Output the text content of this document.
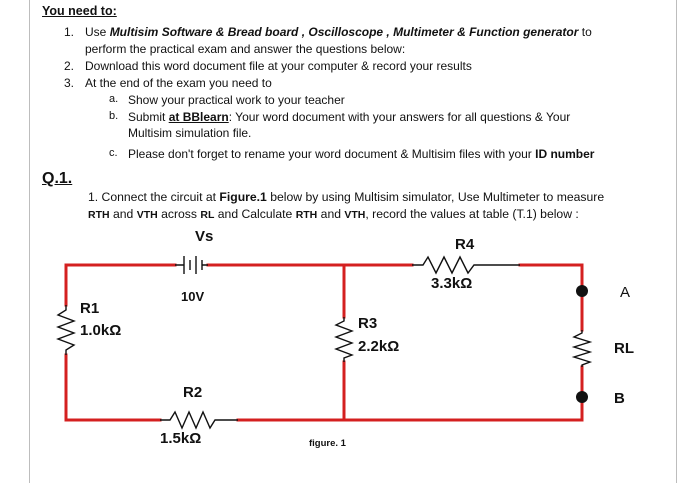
You need to:
1. Use Multisim Software & Bread board , Oscilloscope , Multimeter & Function generator to
perform the practical exam and answer the questions below:
2. Download this word document file at your computer & record your results
3. At the end of the exam you need to
a. Show your practical work to your teacher
b. Submit at BBlearn: Your word document with your answers for all questions & Your
Multisim simulation file.
c. Please don't forget to rename your word document & Multisim files with your ID number
Q.1.
1. Connect the circuit at Figure.1 below by using Multisim simulator, Use Multimeter to measure
RTH and VTH across RL and Calculate RTH and VTH, record the values at table (T.1) below :
Vs
10V
R4
3.3kΩ
R1
1.0kΩ	R3
2.2kΩ
R2
1.5kΩ
A
RL
B
figure. 1
